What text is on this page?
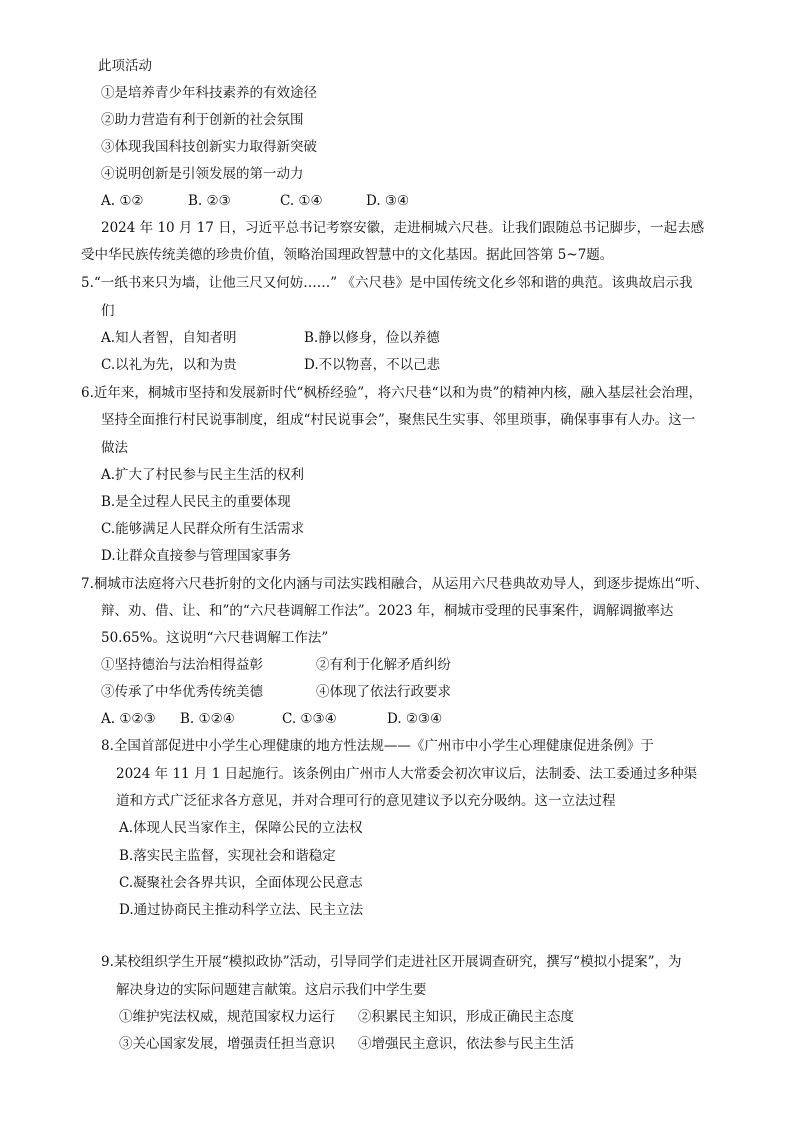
此项活动
①是培养青少年科技素养的有效途径
②助力营造有利于创新的社会氛围
③体现我国科技创新实力取得新突破
④说明创新是引领发展的第一动力
A. ①②	B. ②③	C. ①④	D. ③④
2024 年 10 月 17 日，习近平总书记考察安徽，走进桐城六尺巷。让我们跟随总书记脚步，一起去感
受中华民族传统美德的珍贵价值，领略治国理政智慧中的文化基因。据此回答第 5~7题。
5.“一纸书来只为墙，让他三尺又何妨……” 《六尺巷》是中国传统文化乡邻和谐的典范。该典故启示我
们
A.知人者智，自知者明	B.静以修身，俭以养德
C.以礼为先，以和为贵	D.不以物喜，不以己悲
6.近年来，桐城市坚持和发展新时代“枫桥经验”，将六尺巷“以和为贵”的精神内核，融入基层社会治理，
坚持全面推行村民说事制度，组成“村民说事会”，聚焦民生实事、邻里琐事，确保事事有人办。这一
做法
A.扩大了村民参与民主生活的权利
B.是全过程人民民主的重要体现
C.能够满足人民群众所有生活需求
D.让群众直接参与管理国家事务
7.桐城市法庭将六尺巷折射的文化内涵与司法实践相融合，从运用六尺巷典故劝导人，到逐步提炼出“听、
辩、劝、借、让、和”的“六尺巷调解工作法”。2023 年，桐城市受理的民事案件，调解调撤率达
50.65%。这说明“六尺巷调解工作法”
①坚持德治与法治相得益彰	②有利于化解矛盾纠纷
③传承了中华优秀传统美德	④体现了依法行政要求
A. ①②③ B. ①②④	C. ①③④	D. ②③④
8.全国首部促进中小学生心理健康的地方性法规——《广州市中小学生心理健康促进条例》于
2024 年 11 月 1 日起施行。该条例由广州市人大常委会初次审议后，法制委、法工委通过多种渠
道和方式广泛征求各方意见，并对合理可行的意见建议予以充分吸纳。这一立法过程
A.体现人民当家作主，保障公民的立法权
B.落实民主监督，实现社会和谐稳定
C.凝聚社会各界共识，全面体现公民意志
D.通过协商民主推动科学立法、民主立法
9.某校组织学生开展“模拟政协”活动，引导同学们走进社区开展调查研究，撰写“模拟小提案”，为
解决身边的实际问题建言献策。这启示我们中学生要
①维护宪法权威，规范国家权力运行 ②积累民主知识，形成正确民主态度
③关心国家发展，增强责任担当意识 ④增强民主意识，依法参与民主生活
